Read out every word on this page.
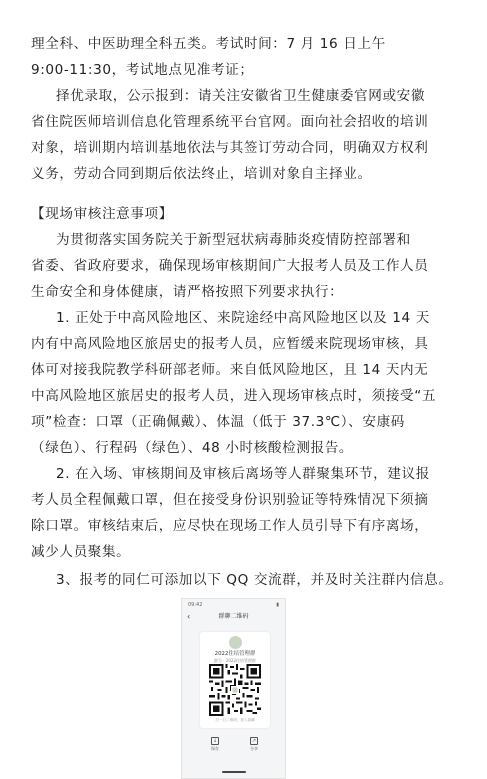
理全科、中医助理全科五类。考试时间：7 月 16 日上午
9:00-11:30，考试地点见准考证；
择优录取，公示报到：请关注安徽省卫生健康委官网或安徽
省住院医师培训信息化管理系统平台官网。面向社会招收的培训
对象，培训期内培训基地依法与其签订劳动合同，明确双方权利
义务，劳动合同到期后依法终止，培训对象自主择业。
【现场审核注意事项】
为贯彻落实国务院关于新型冠状病毒肺炎疫情防控部署和
省委、省政府要求，确保现场审核期间广大报考人员及工作人员
生命安全和身体健康，请严格按照下列要求执行：
1. 正处于中高风险地区、来院途经中高风险地区以及 14 天
内有中高风险地区旅居史的报考人员，应暂缓来院现场审核，具
体可对接我院教学科研部老师。来自低风险地区，且 14 天内无
中高风险地区旅居史的报考人员，进入现场审核点时，须接受“五
项”检查：口罩（正确佩戴）、体温（低于 37.3℃）、安康码
（绿色）、行程码（绿色）、48 小时核酸检测报告。
2. 在入场、审核期间及审核后离场等人群聚集环节，建议报
考人员全程佩戴口罩，但在接受身份识别验证等特殊情况下须摘
除口罩。审核结束后，应尽快在现场工作人员引导下有序离场，
减少人员聚集。
3、报考的同仁可添加以下 QQ 交流群，并及时关注群内信息。
09:42	▮
‹	群聊二维码
2022住培管理群
群号 · 2022住培管理群
扫一扫二维码，加入群聊
↓
保存
↗
分享
